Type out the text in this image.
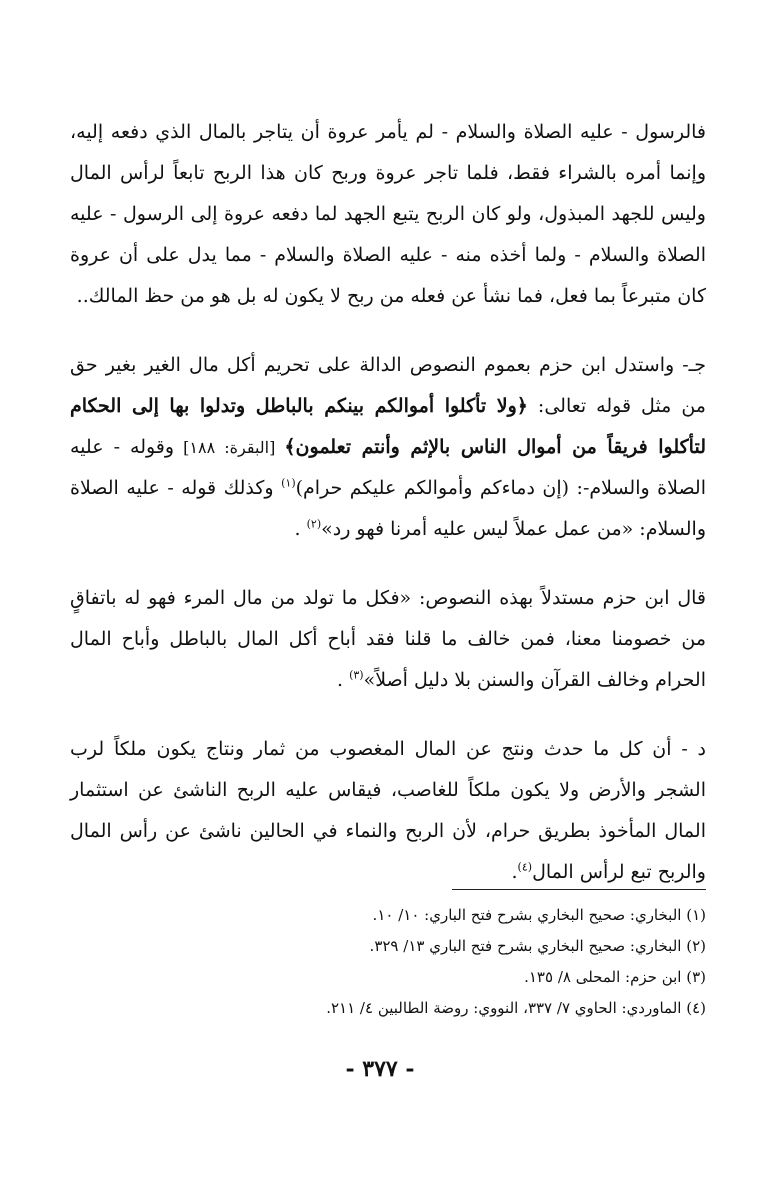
فالرسول - عليه الصلاة والسلام - لم يأمر عروة أن يتاجر بالمال الذي دفعه إليه، وإنما أمره بالشراء فقط، فلما تاجر عروة وربح كان هذا الربح تابعاً لرأس المال وليس للجهد المبذول، ولو كان الربح يتبع الجهد لما دفعه عروة إلى الرسول - عليه الصلاة والسلام - ولما أخذه منه - عليه الصلاة والسلام - مما يدل على أن عروة كان متبرعاً بما فعل، فما نشأ عن فعله من ربح لا يكون له بل هو من حظ المالك..

جـ- واستدل ابن حزم بعموم النصوص الدالة على تحريم أكل مال الغير بغير حق من مثل قوله تعالى: ﴿ولا تأكلوا أموالكم بينكم بالباطل وتدلوا بها إلى الحكام لتأكلوا فريقاً من أموال الناس بالإثم وأنتم تعلمون﴾ [البقرة: ١٨٨] وقوله - عليه الصلاة والسلام-: (إن دماءكم وأموالكم عليكم حرام)$^{(١)}$ وكذلك قوله - عليه الصلاة والسلام: «من عمل عملاً ليس عليه أمرنا فهو رد»$^{(٢)}$ .

قال ابن حزم مستدلاً بهذه النصوص: «فكل ما تولد من مال المرء فهو له باتفاقٍ من خصومنا معنا، فمن خالف ما قلنا فقد أباح أكل المال بالباطل وأباح المال الحرام وخالف القرآن والسنن بلا دليل أصلاً»$^{(٣)}$ .

د - أن كل ما حدث ونتج عن المال المغصوب من ثمار ونتاج يكون ملكاً لرب الشجر والأرض ولا يكون ملكاً للغاصب، فيقاس عليه الربح الناشئ عن استثمار المال المأخوذ بطريق حرام، لأن الربح والنماء في الحالين ناشئ عن رأس المال والربح تبع لرأس المال$^{(٤)}$.

(١) البخاري: صحيح البخاري بشرح فتح الباري: ١٠/ ١٠.

(٢) البخاري: صحيح البخاري بشرح فتح الباري ١٣/ ٣٢٩.

(٣) ابن حزم: المحلى ٨/ ١٣٥.

(٤) الماوردي: الحاوي ٧/ ٣٣٧، النووي: روضة الطالبين ٤/ ٢١١.

- ٣٧٧ -
